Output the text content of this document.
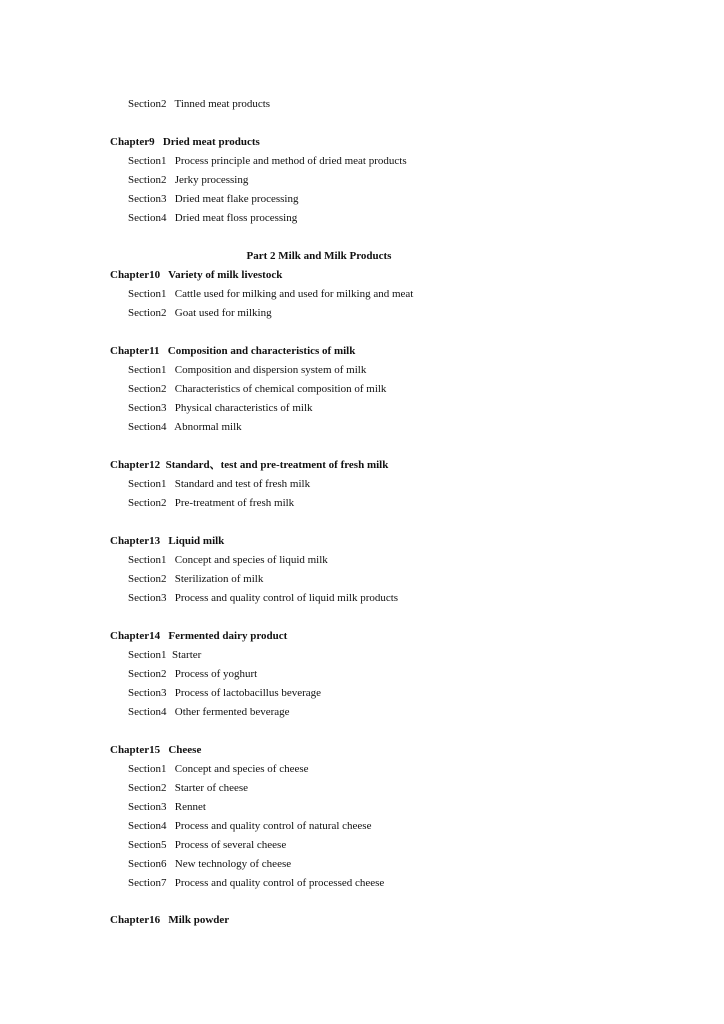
Section2   Tinned meat products
Chapter9   Dried meat products
Section1   Process principle and method of dried meat products
Section2   Jerky processing
Section3   Dried meat flake processing
Section4   Dried meat floss processing
Part 2 Milk and Milk Products
Chapter10   Variety of milk livestock
Section1   Cattle used for milking and used for milking and meat
Section2   Goat used for milking
Chapter11   Composition and characteristics of milk
Section1   Composition and dispersion system of milk
Section2   Characteristics of chemical composition of milk
Section3   Physical characteristics of milk
Section4   Abnormal milk
Chapter12  Standard、test and pre-treatment of fresh milk
Section1   Standard and test of fresh milk
Section2   Pre-treatment of fresh milk
Chapter13   Liquid milk
Section1   Concept and species of liquid milk
Section2   Sterilization of milk
Section3   Process and quality control of liquid milk products
Chapter14   Fermented dairy product
Section1  Starter
Section2   Process of yoghurt
Section3   Process of lactobacillus beverage
Section4   Other fermented beverage
Chapter15   Cheese
Section1   Concept and species of cheese
Section2   Starter of cheese
Section3   Rennet
Section4   Process and quality control of natural cheese
Section5   Process of several cheese
Section6   New technology of cheese
Section7   Process and quality control of processed cheese
Chapter16   Milk powder
